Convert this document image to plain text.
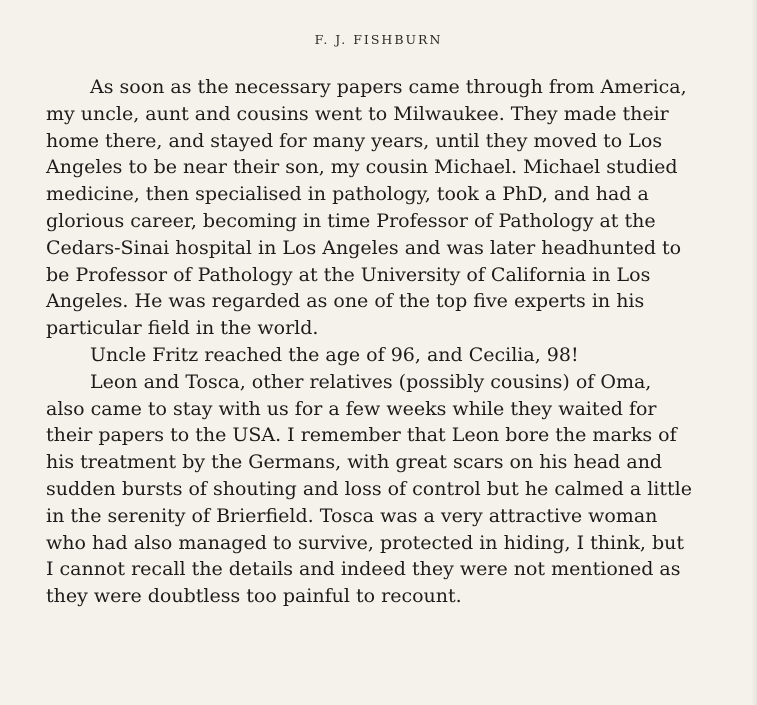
F. J. FISHBURN

As soon as the necessary papers came through from America,
my uncle, aunt and cousins went to Milwaukee. They made their
home there, and stayed for many years, until they moved to Los
Angeles to be near their son, my cousin Michael. Michael studied
medicine, then specialised in pathology, took a PhD, and had a
glorious career, becoming in time Professor of Pathology at the
Cedars-Sinai hospital in Los Angeles and was later headhunted to
be Professor of Pathology at the University of California in Los
Angeles. He was regarded as one of the top five experts in his
particular field in the world.

Uncle Fritz reached the age of 96, and Cecilia, 98!

Leon and Tosca, other relatives (possibly cousins) of Oma,
also came to stay with us for a few weeks while they waited for
their papers to the USA. I remember that Leon bore the marks of
his treatment by the Germans, with great scars on his head and
sudden bursts of shouting and loss of control but he calmed a little
in the serenity of Brierfield. Tosca was a very attractive woman
who had also managed to survive, protected in hiding, I think, but
I cannot recall the details and indeed they were not mentioned as
they were doubtless too painful to recount.
